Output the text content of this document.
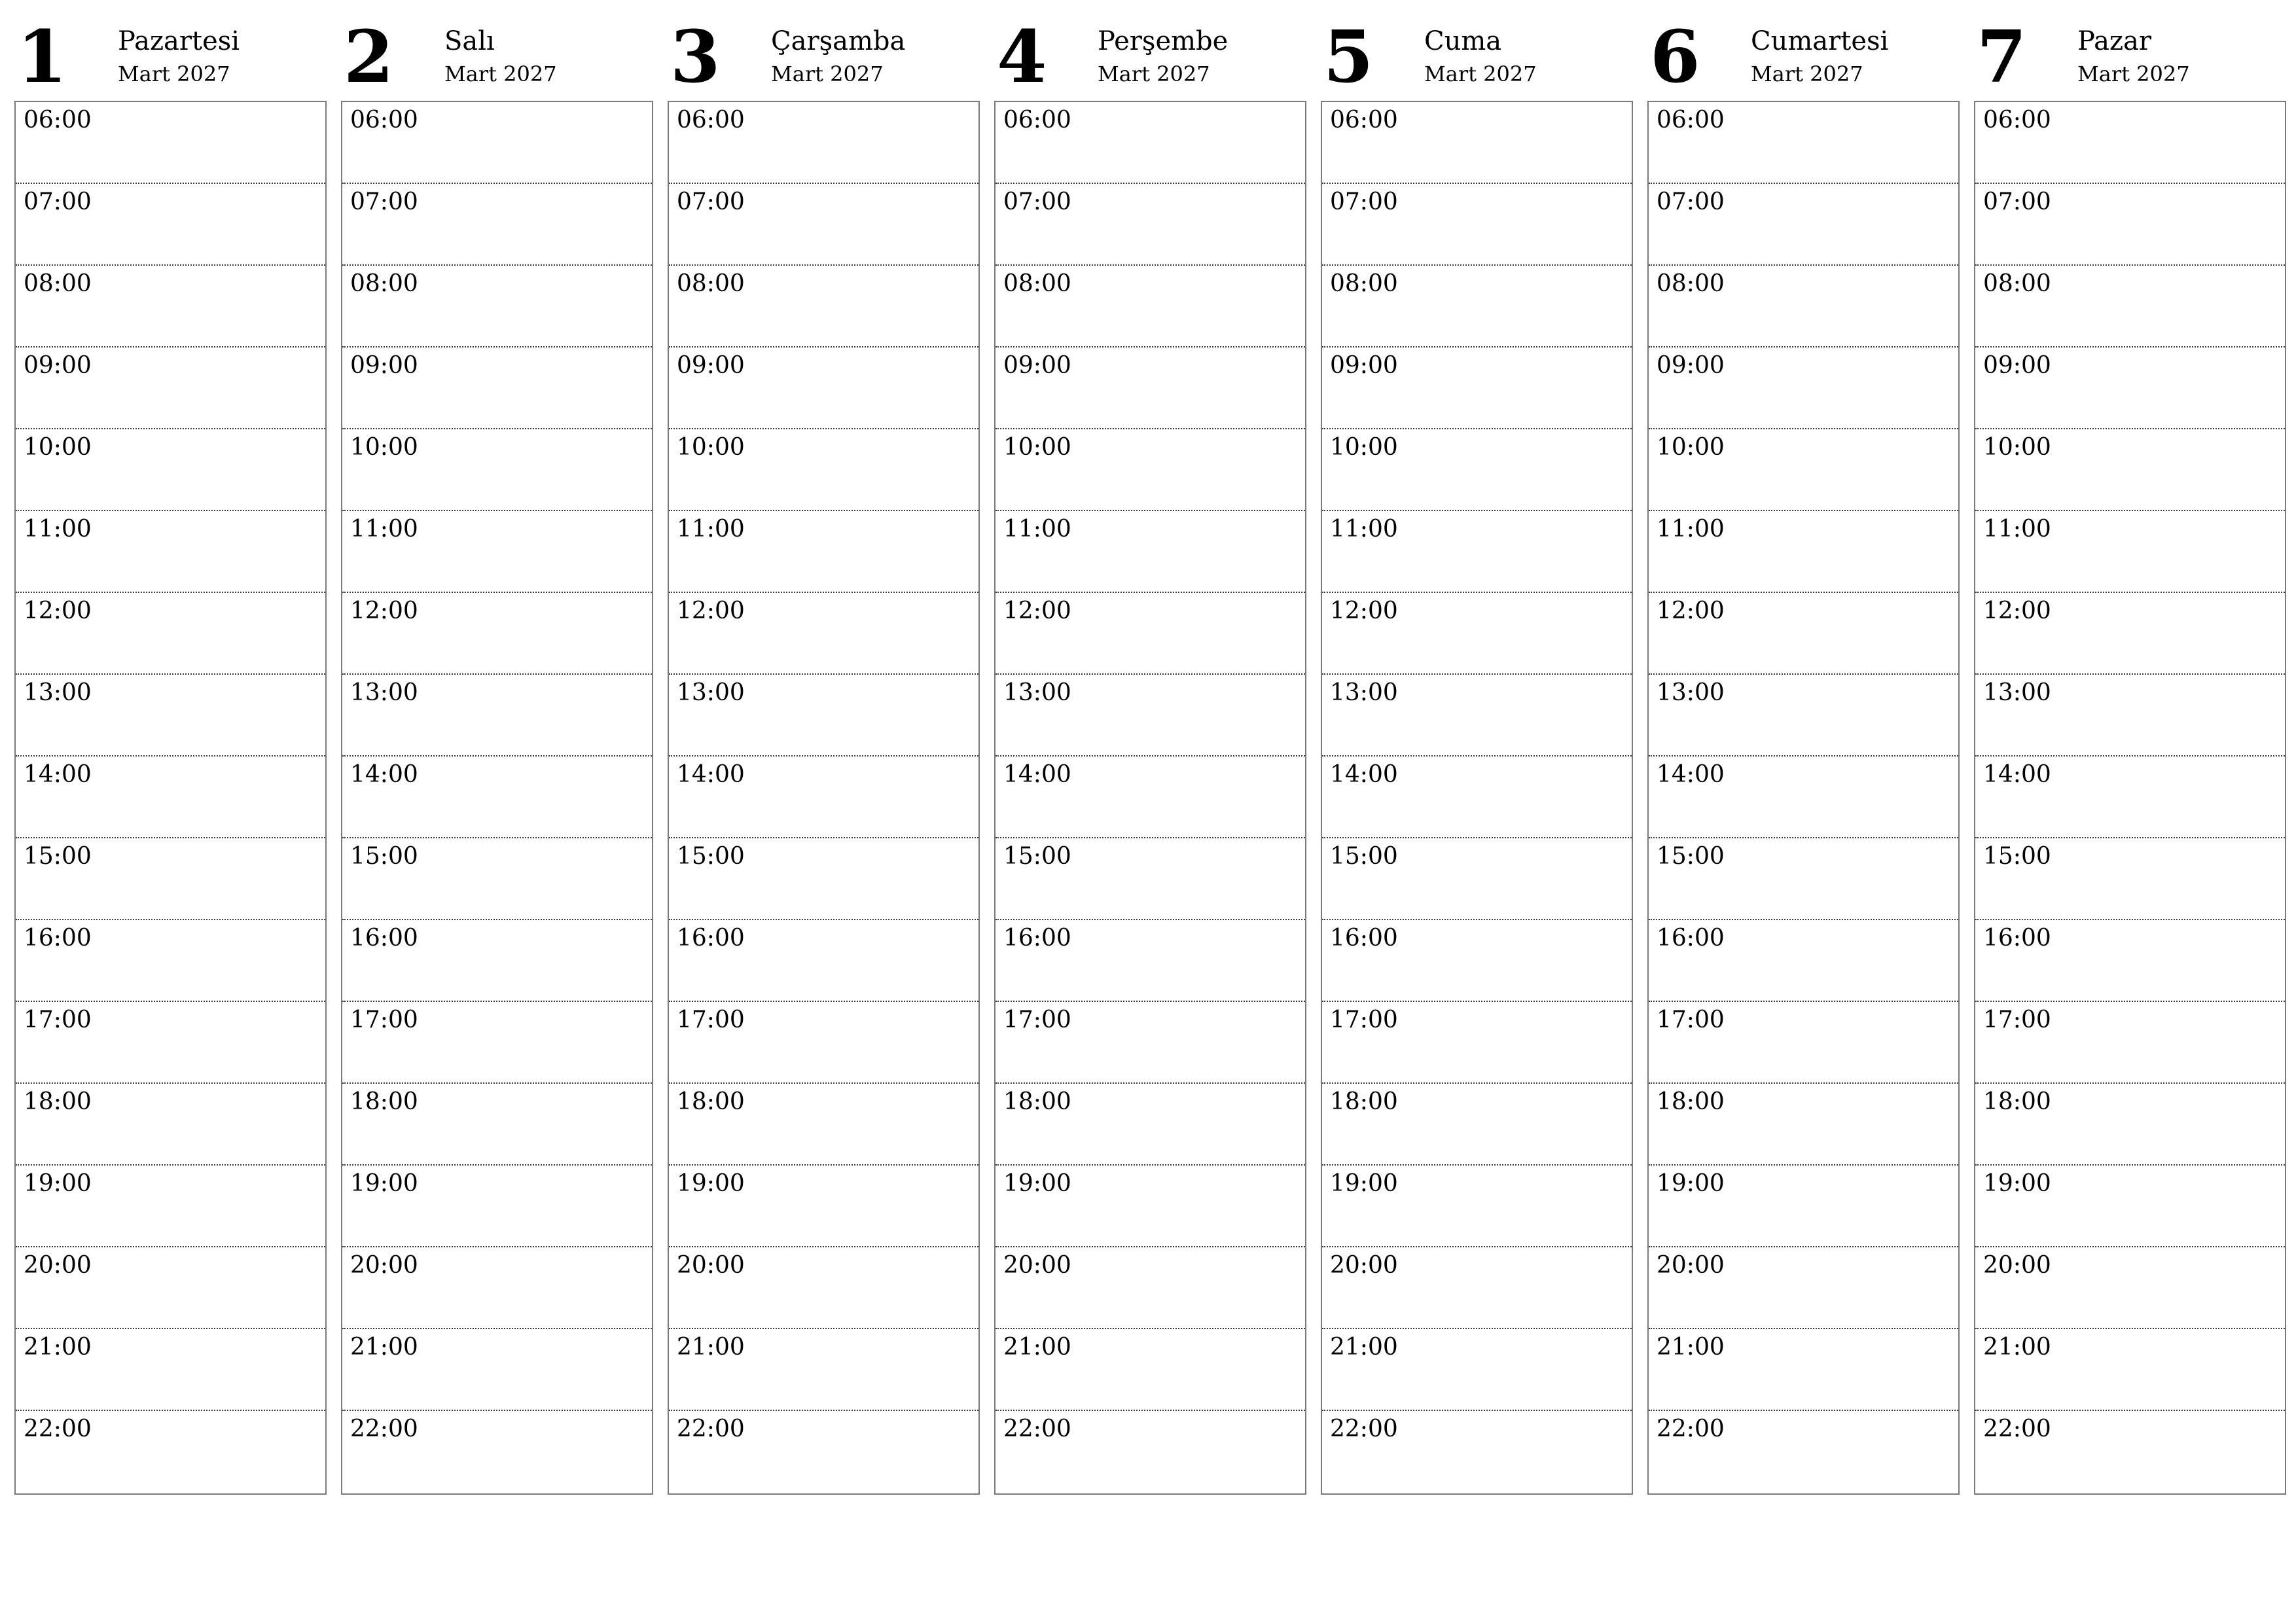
1 Pazartesi
Mart 2027
06:00
07:00
08:00
09:00
10:00
11:00
12:00
13:00
14:00
15:00
16:00
17:00
18:00
19:00
20:00
21:00
22:00
2 Salı
Mart 2027
06:00
07:00
08:00
09:00
10:00
11:00
12:00
13:00
14:00
15:00
16:00
17:00
18:00
19:00
20:00
21:00
22:00
3 Çarşamba
Mart 2027
06:00
07:00
08:00
09:00
10:00
11:00
12:00
13:00
14:00
15:00
16:00
17:00
18:00
19:00
20:00
21:00
22:00
4 Perşembe
Mart 2027
06:00
07:00
08:00
09:00
10:00
11:00
12:00
13:00
14:00
15:00
16:00
17:00
18:00
19:00
20:00
21:00
22:00
5 Cuma
Mart 2027
06:00
07:00
08:00
09:00
10:00
11:00
12:00
13:00
14:00
15:00
16:00
17:00
18:00
19:00
20:00
21:00
22:00
6 Cumartesi
Mart 2027
06:00
07:00
08:00
09:00
10:00
11:00
12:00
13:00
14:00
15:00
16:00
17:00
18:00
19:00
20:00
21:00
22:00
7 Pazar
Mart 2027
06:00
07:00
08:00
09:00
10:00
11:00
12:00
13:00
14:00
15:00
16:00
17:00
18:00
19:00
20:00
21:00
22:00
